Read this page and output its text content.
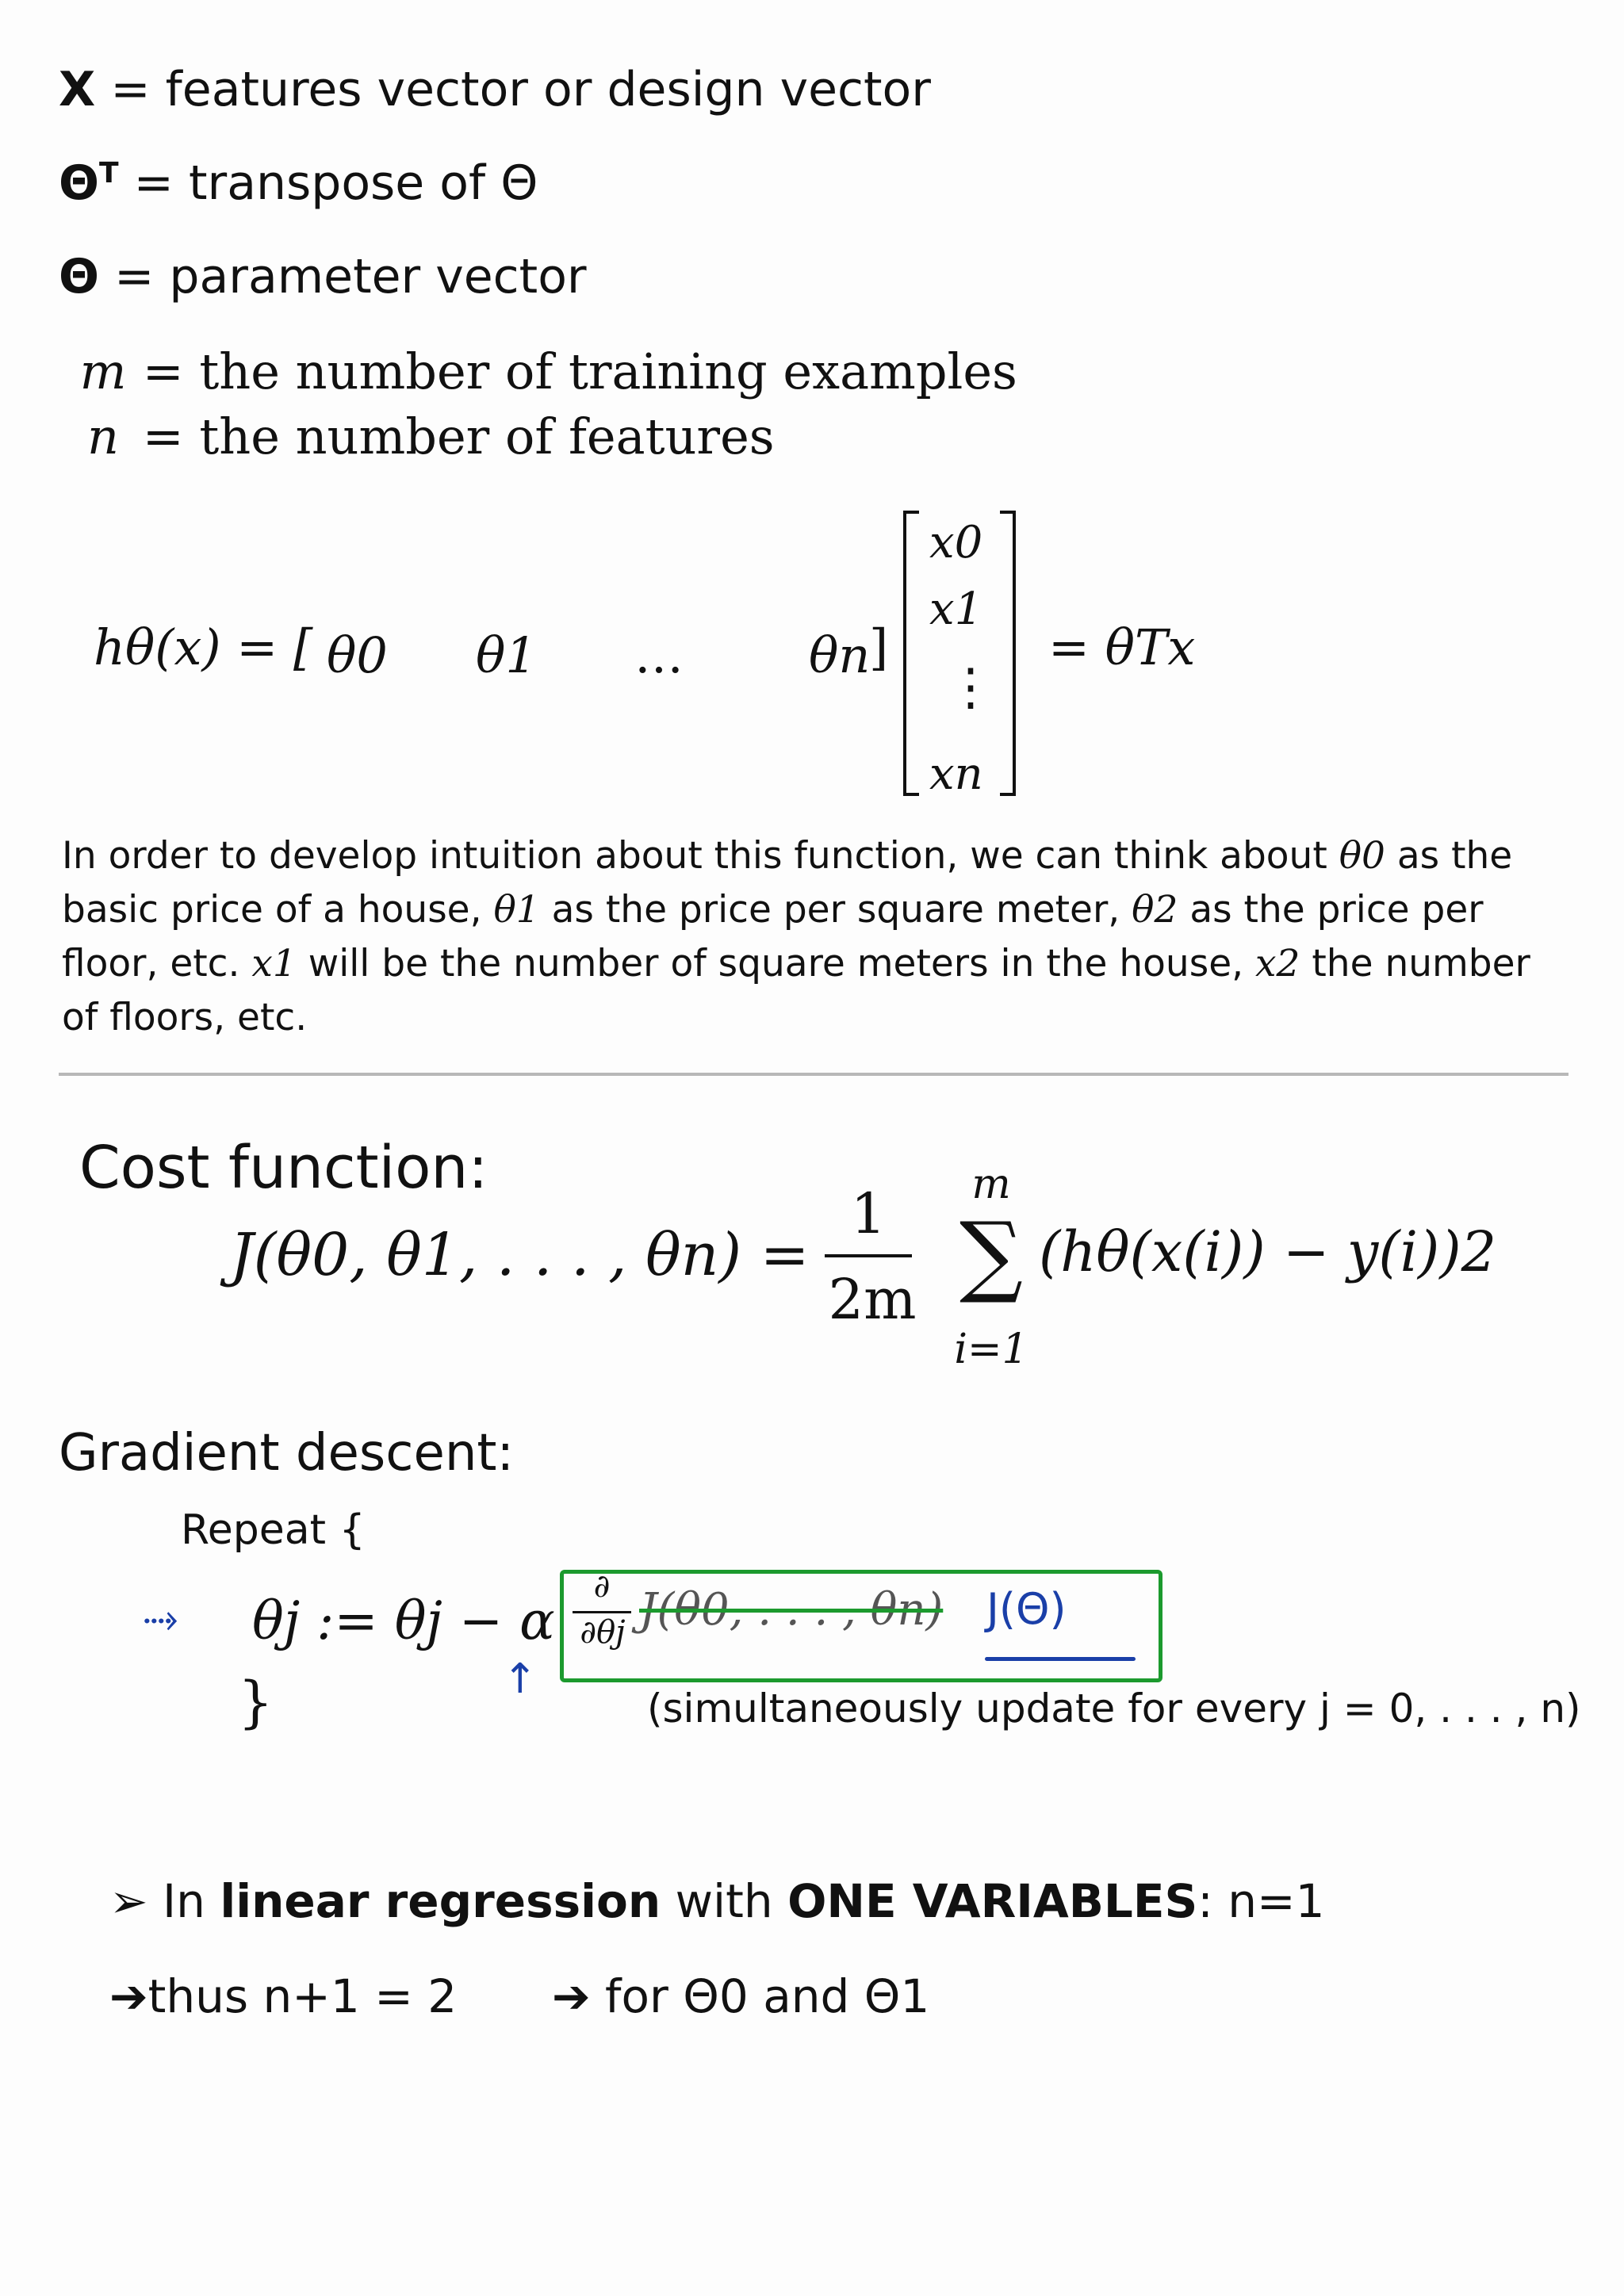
X = features vector or design vector
$\Theta^T$ = transpose of Θ
Θ = parameter vector
m = the number of training examples
n = the number of features
hθ(x) = [ θ0 θ1 …	θn
]
x0
x1
⋮
xn
= θTx
In order to develop intuition about this function, we can think about θ0 as the basic price of a house, θ1 as the price per square meter, θ2 as the price per floor, etc. x1 will be the number of square meters in the house, x2 the number of floors, etc.
Cost function:
J(θ0, θ1, . . . , θn) =
1
2m
m
∑
i=1
(hθ(x(i)) − y(i))2
Gradient descent:
Repeat {
⤑ θj := θj − α
∂
∂θj J(θ0, . . . , θn) J(Θ)
↑
}	(simultaneously update for every j = 0, . . . , n)
➢ In linear regression with ONE VARIABLES: n=1
➔thus n+1 = 2 ➔ for Θ0 and Θ1
